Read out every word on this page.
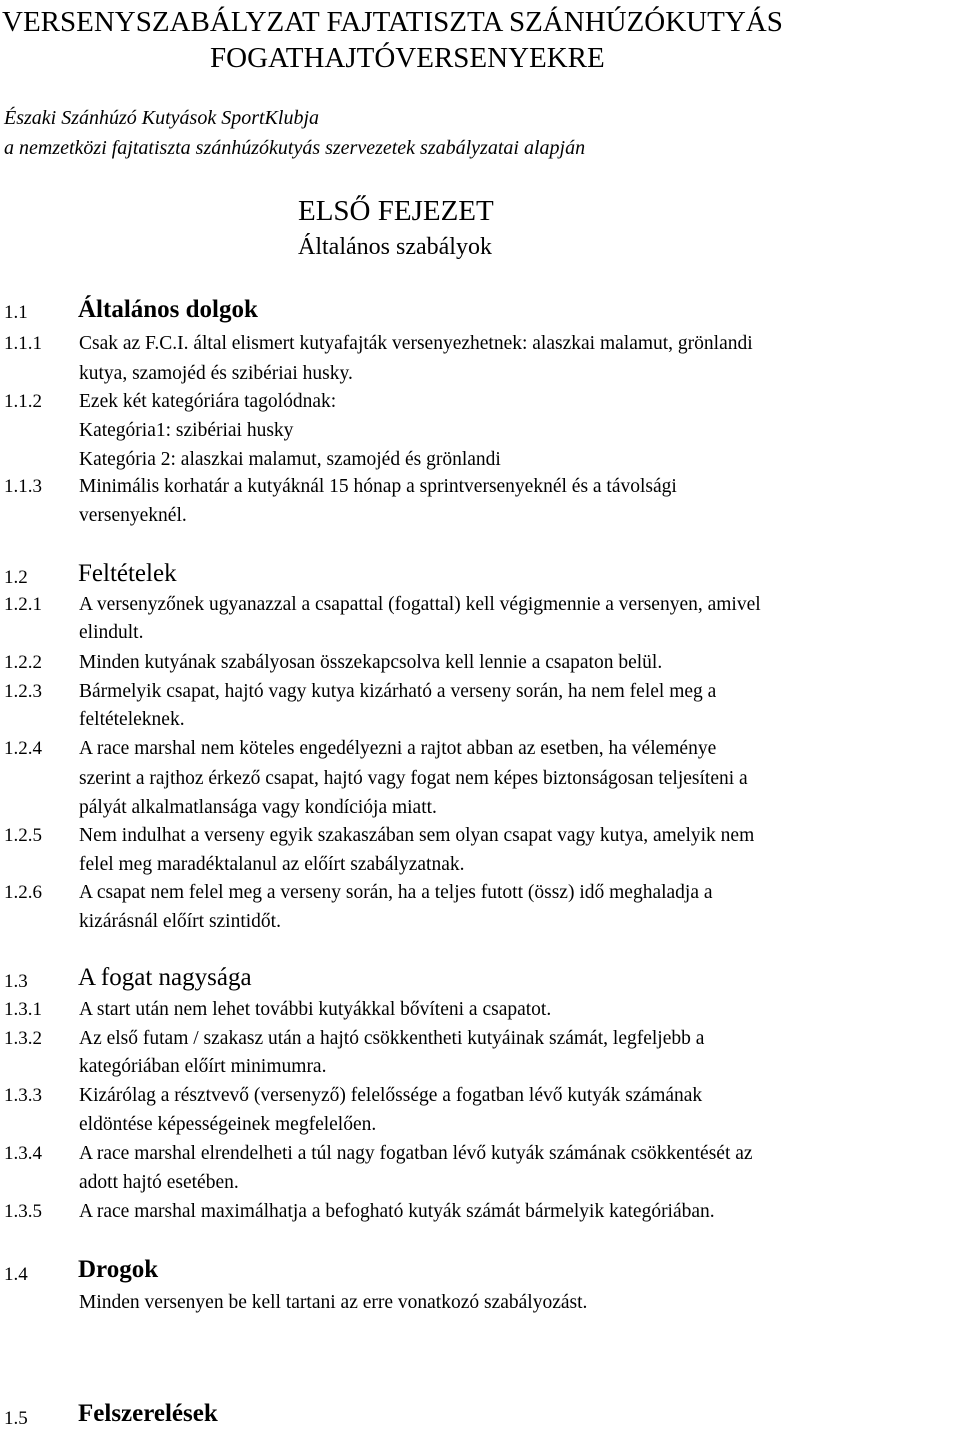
VERSENYSZABÁLYZAT FAJTATISZTA SZÁNHÚZÓKUTYÁS
FOGATHAJTÓVERSENYEKRE
Északi Szánhúzó Kutyások SportKlubja
a nemzetközi fajtatiszta szánhúzókutyás szervezetek szabályzatai alapján
ELSŐ FEJEZET
Általános szabályok
1.1 Általános dolgok
1.1.1 Csak az F.C.I. által elismert kutyafajták versenyezhetnek: alaszkai malamut, grönlandi
kutya, szamojéd és szibériai husky.
1.1.2 Ezek két kategóriára tagolódnak:
Kategória1: szibériai husky
Kategória 2: alaszkai malamut, szamojéd és grönlandi
1.1.3 Minimális korhatár a kutyáknál 15 hónap a sprintversenyeknél és a távolsági
versenyeknél.
1.2 Feltételek
1.2.1 A versenyzőnek ugyanazzal a csapattal (fogattal) kell végigmennie a versenyen, amivel
elindult.
1.2.2 Minden kutyának szabályosan összekapcsolva kell lennie a csapaton belül.
1.2.3 Bármelyik csapat, hajtó vagy kutya kizárható a verseny során, ha nem felel meg a
feltételeknek.
1.2.4 A race marshal nem köteles engedélyezni a rajtot abban az esetben, ha véleménye
szerint a rajthoz érkező csapat, hajtó vagy fogat nem képes biztonságosan teljesíteni a
pályát alkalmatlansága vagy kondíciója miatt.
1.2.5 Nem indulhat a verseny egyik szakaszában sem olyan csapat vagy kutya, amelyik nem
felel meg maradéktalanul az előírt szabályzatnak.
1.2.6 A csapat nem felel meg a verseny során, ha a teljes futott (össz) idő meghaladja a
kizárásnál előírt szintidőt.
1.3 A fogat nagysága
1.3.1 A start után nem lehet további kutyákkal bővíteni a csapatot.
1.3.2 Az első futam / szakasz után a hajtó csökkentheti kutyáinak számát, legfeljebb a
kategóriában előírt minimumra.
1.3.3 Kizárólag a résztvevő (versenyző) felelőssége a fogatban lévő kutyák számának
eldöntése képességeinek megfelelően.
1.3.4 A race marshal elrendelheti a túl nagy fogatban lévő kutyák számának csökkentését az
adott hajtó esetében.
1.3.5 A race marshal maximálhatja a befogható kutyák számát bármelyik kategóriában.
1.4 Drogok
Minden versenyen be kell tartani az erre vonatkozó szabályozást.
1.5 Felszerelések
